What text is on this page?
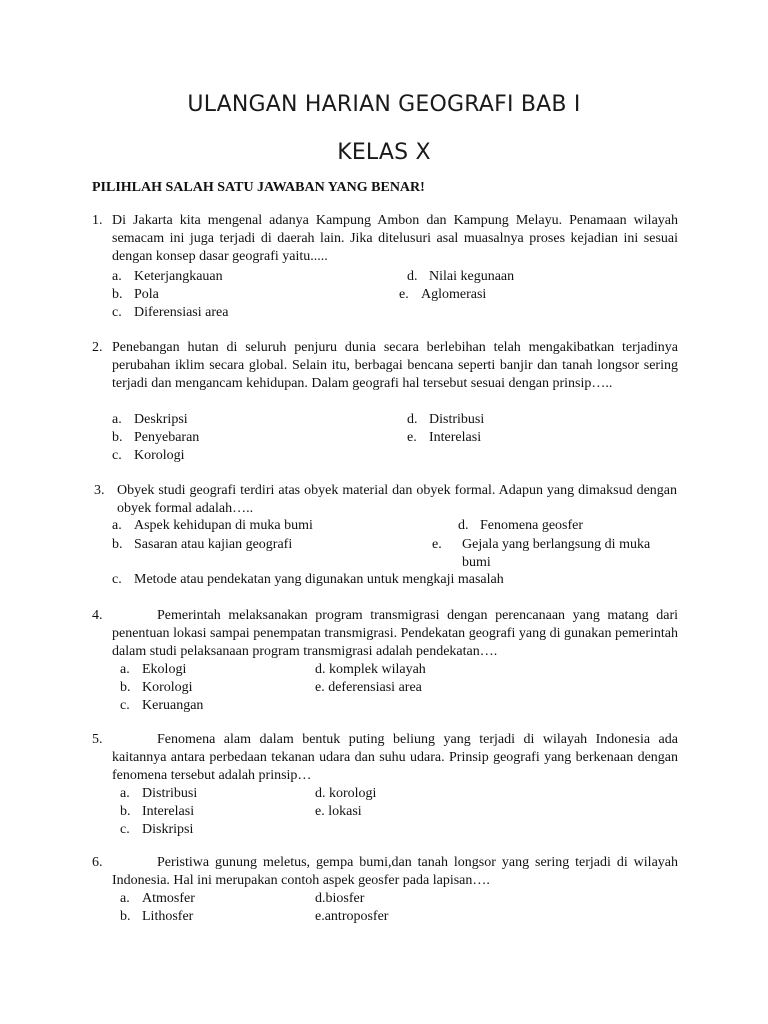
ULANGAN HARIAN GEOGRAFI BAB I
KELAS X
PILIHLAH SALAH SATU JAWABAN YANG BENAR!
1. Di Jakarta kita mengenal adanya Kampung Ambon dan Kampung Melayu. Penamaan wilayah semacam ini juga terjadi di daerah lain. Jika ditelusuri asal muasalnya proses kejadian ini sesuai dengan konsep dasar geografi yaitu.....
a. Keterjangkauan
b. Pola
c. Diferensiasi area
d. Nilai kegunaan
e. Aglomerasi
2. Penebangan hutan di seluruh penjuru dunia secara berlebihan telah mengakibatkan terjadinya perubahan iklim secara global. Selain itu, berbagai bencana seperti banjir dan tanah longsor sering terjadi dan mengancam kehidupan. Dalam geografi hal tersebut sesuai dengan prinsip…..
a. Deskripsi
b. Penyebaran
c. Korologi
d. Distribusi
e. Interelasi
3. Obyek studi geografi terdiri atas obyek material dan obyek formal. Adapun yang dimaksud dengan obyek formal adalah…..
a. Aspek kehidupan di muka bumi
b. Sasaran atau kajian geografi
c. Metode atau pendekatan yang digunakan untuk mengkaji masalah
d. Fenomena geosfer
e.	Gejala yang berlangsung di muka bumi
4.	Pemerintah melaksanakan program transmigrasi dengan perencanaan yang matang dari penentuan lokasi sampai penempatan transmigrasi. Pendekatan geografi yang di gunakan pemerintah dalam studi pelaksanaan program transmigrasi adalah pendekatan….
a. Ekologi
b. Korologi
c. Keruangan
d. komplek wilayah
e. deferensiasi area
5.	Fenomena alam dalam bentuk puting beliung yang terjadi di wilayah Indonesia ada kaitannya antara perbedaan tekanan udara dan suhu udara. Prinsip geografi yang berkenaan dengan fenomena tersebut adalah prinsip…
a. Distribusi
b. Interelasi
c. Diskripsi
d. korologi
e. lokasi
6.	Peristiwa gunung meletus, gempa bumi,dan tanah longsor yang sering terjadi di wilayah Indonesia. Hal ini merupakan contoh aspek geosfer pada lapisan….
a. Atmosfer
b. Lithosfer
d.biosfer
e.antroposfer
